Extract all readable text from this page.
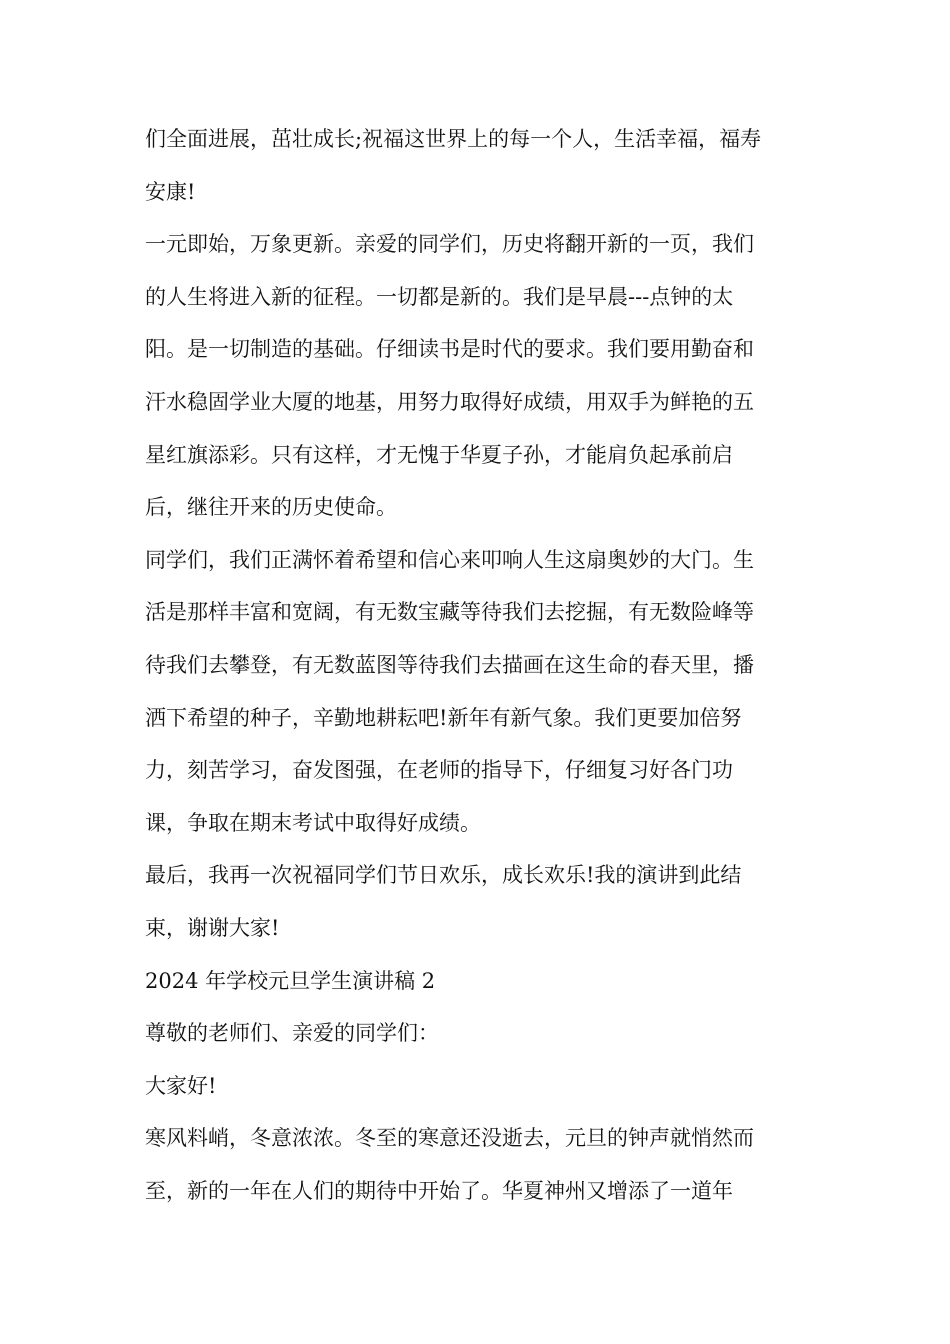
们全面进展，茁壮成长;祝福这世界上的每一个人，生活幸福，福寿
安康!
一元即始，万象更新。亲爱的同学们，历史将翻开新的一页，我们
的人生将进入新的征程。一切都是新的。我们是早晨---点钟的太
阳。是一切制造的基础。仔细读书是时代的要求。我们要用勤奋和
汗水稳固学业大厦的地基，用努力取得好成绩，用双手为鲜艳的五
星红旗添彩。只有这样，才无愧于华夏子孙，才能肩负起承前启
后，继往开来的历史使命。
同学们，我们正满怀着希望和信心来叩响人生这扇奥妙的大门。生
活是那样丰富和宽阔，有无数宝藏等待我们去挖掘，有无数险峰等
待我们去攀登，有无数蓝图等待我们去描画在这生命的春天里，播
洒下希望的种子，辛勤地耕耘吧!新年有新气象。我们更要加倍努
力，刻苦学习，奋发图强，在老师的指导下，仔细复习好各门功
课，争取在期末考试中取得好成绩。
最后，我再一次祝福同学们节日欢乐，成长欢乐!我的演讲到此结
束，谢谢大家!
2024 年学校元旦学生演讲稿 2
尊敬的老师们、亲爱的同学们：
大家好!
寒风料峭，冬意浓浓。冬至的寒意还没逝去，元旦的钟声就悄然而
至，新的一年在人们的期待中开始了。华夏神州又增添了一道年
